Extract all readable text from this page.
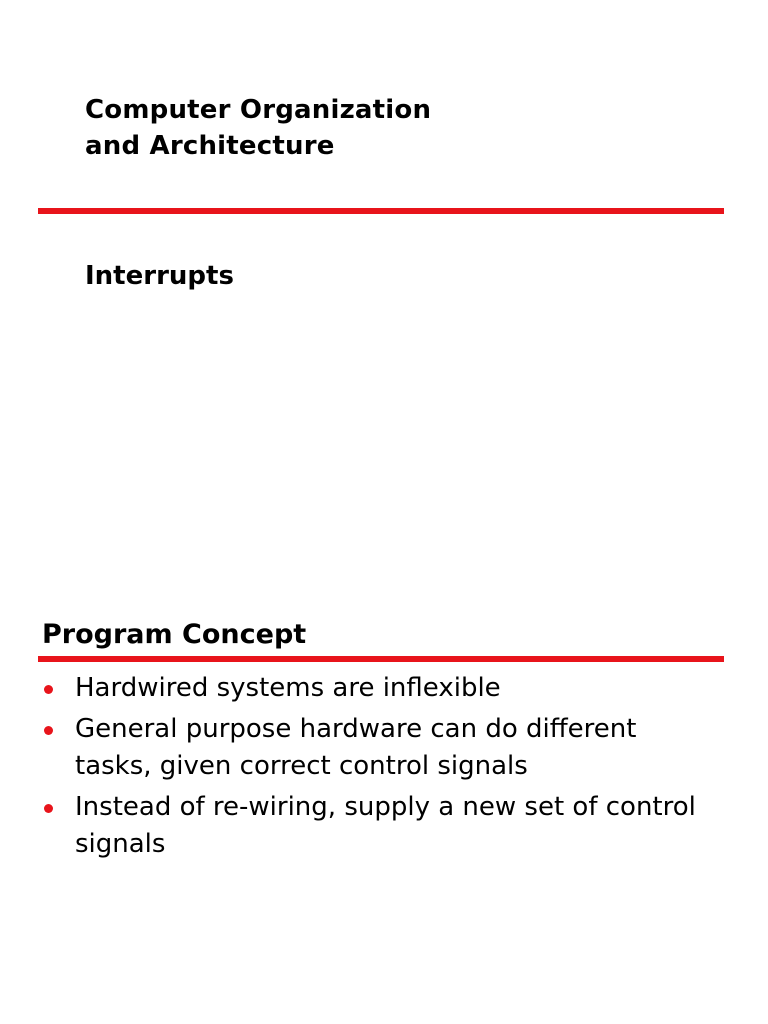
Computer Organization
and Architecture
Interrupts
Program Concept
Hardwired systems are inflexible
General purpose hardware can do different
tasks, given correct control signals
Instead of re-wiring, supply a new set of control
signals
